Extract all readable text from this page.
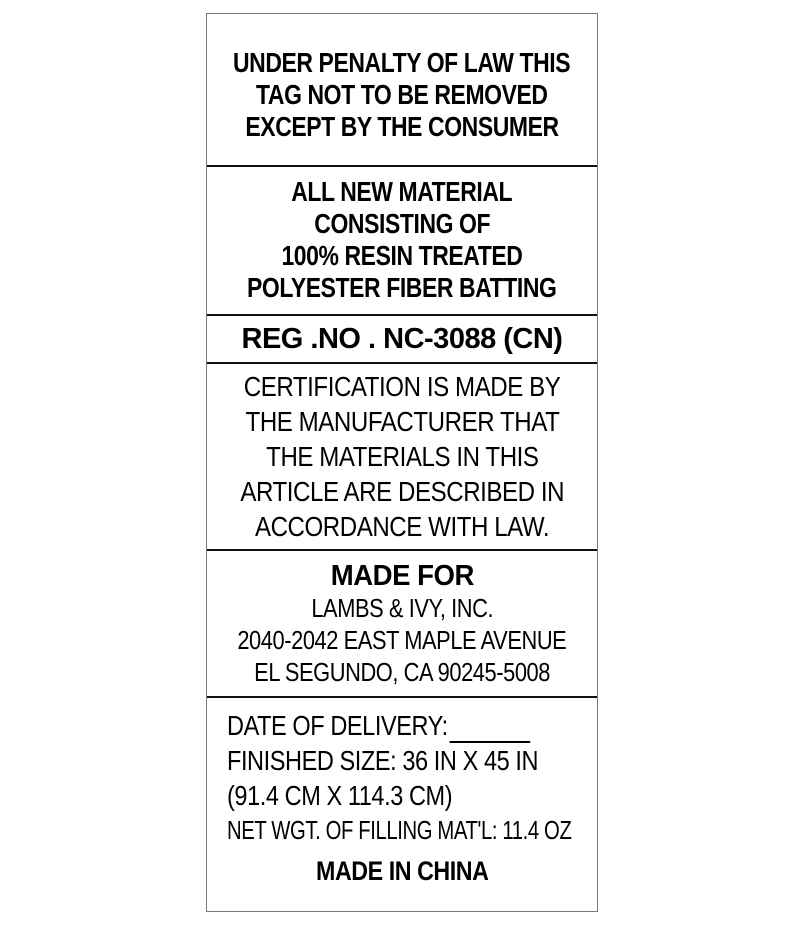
UNDER PENALTY OF LAW THIS
TAG NOT TO BE REMOVED
EXCEPT BY THE CONSUMER
ALL NEW MATERIAL
CONSISTING OF
100% RESIN TREATED
POLYESTER FIBER BATTING
REG .NO . NC-3088 (CN)
CERTIFICATION IS MADE BY
THE MANUFACTURER THAT
THE MATERIALS IN THIS
ARTICLE ARE DESCRIBED IN
ACCORDANCE WITH LAW.
MADE FOR
LAMBS & IVY, INC.
2040-2042 EAST MAPLE AVENUE
EL SEGUNDO, CA 90245-5008
DATE OF DELIVERY:
FINISHED SIZE: 36 IN X 45 IN
(91.4 CM X 114.3 CM)
NET WGT. OF FILLING MAT'L: 11.4 OZ
MADE IN CHINA
